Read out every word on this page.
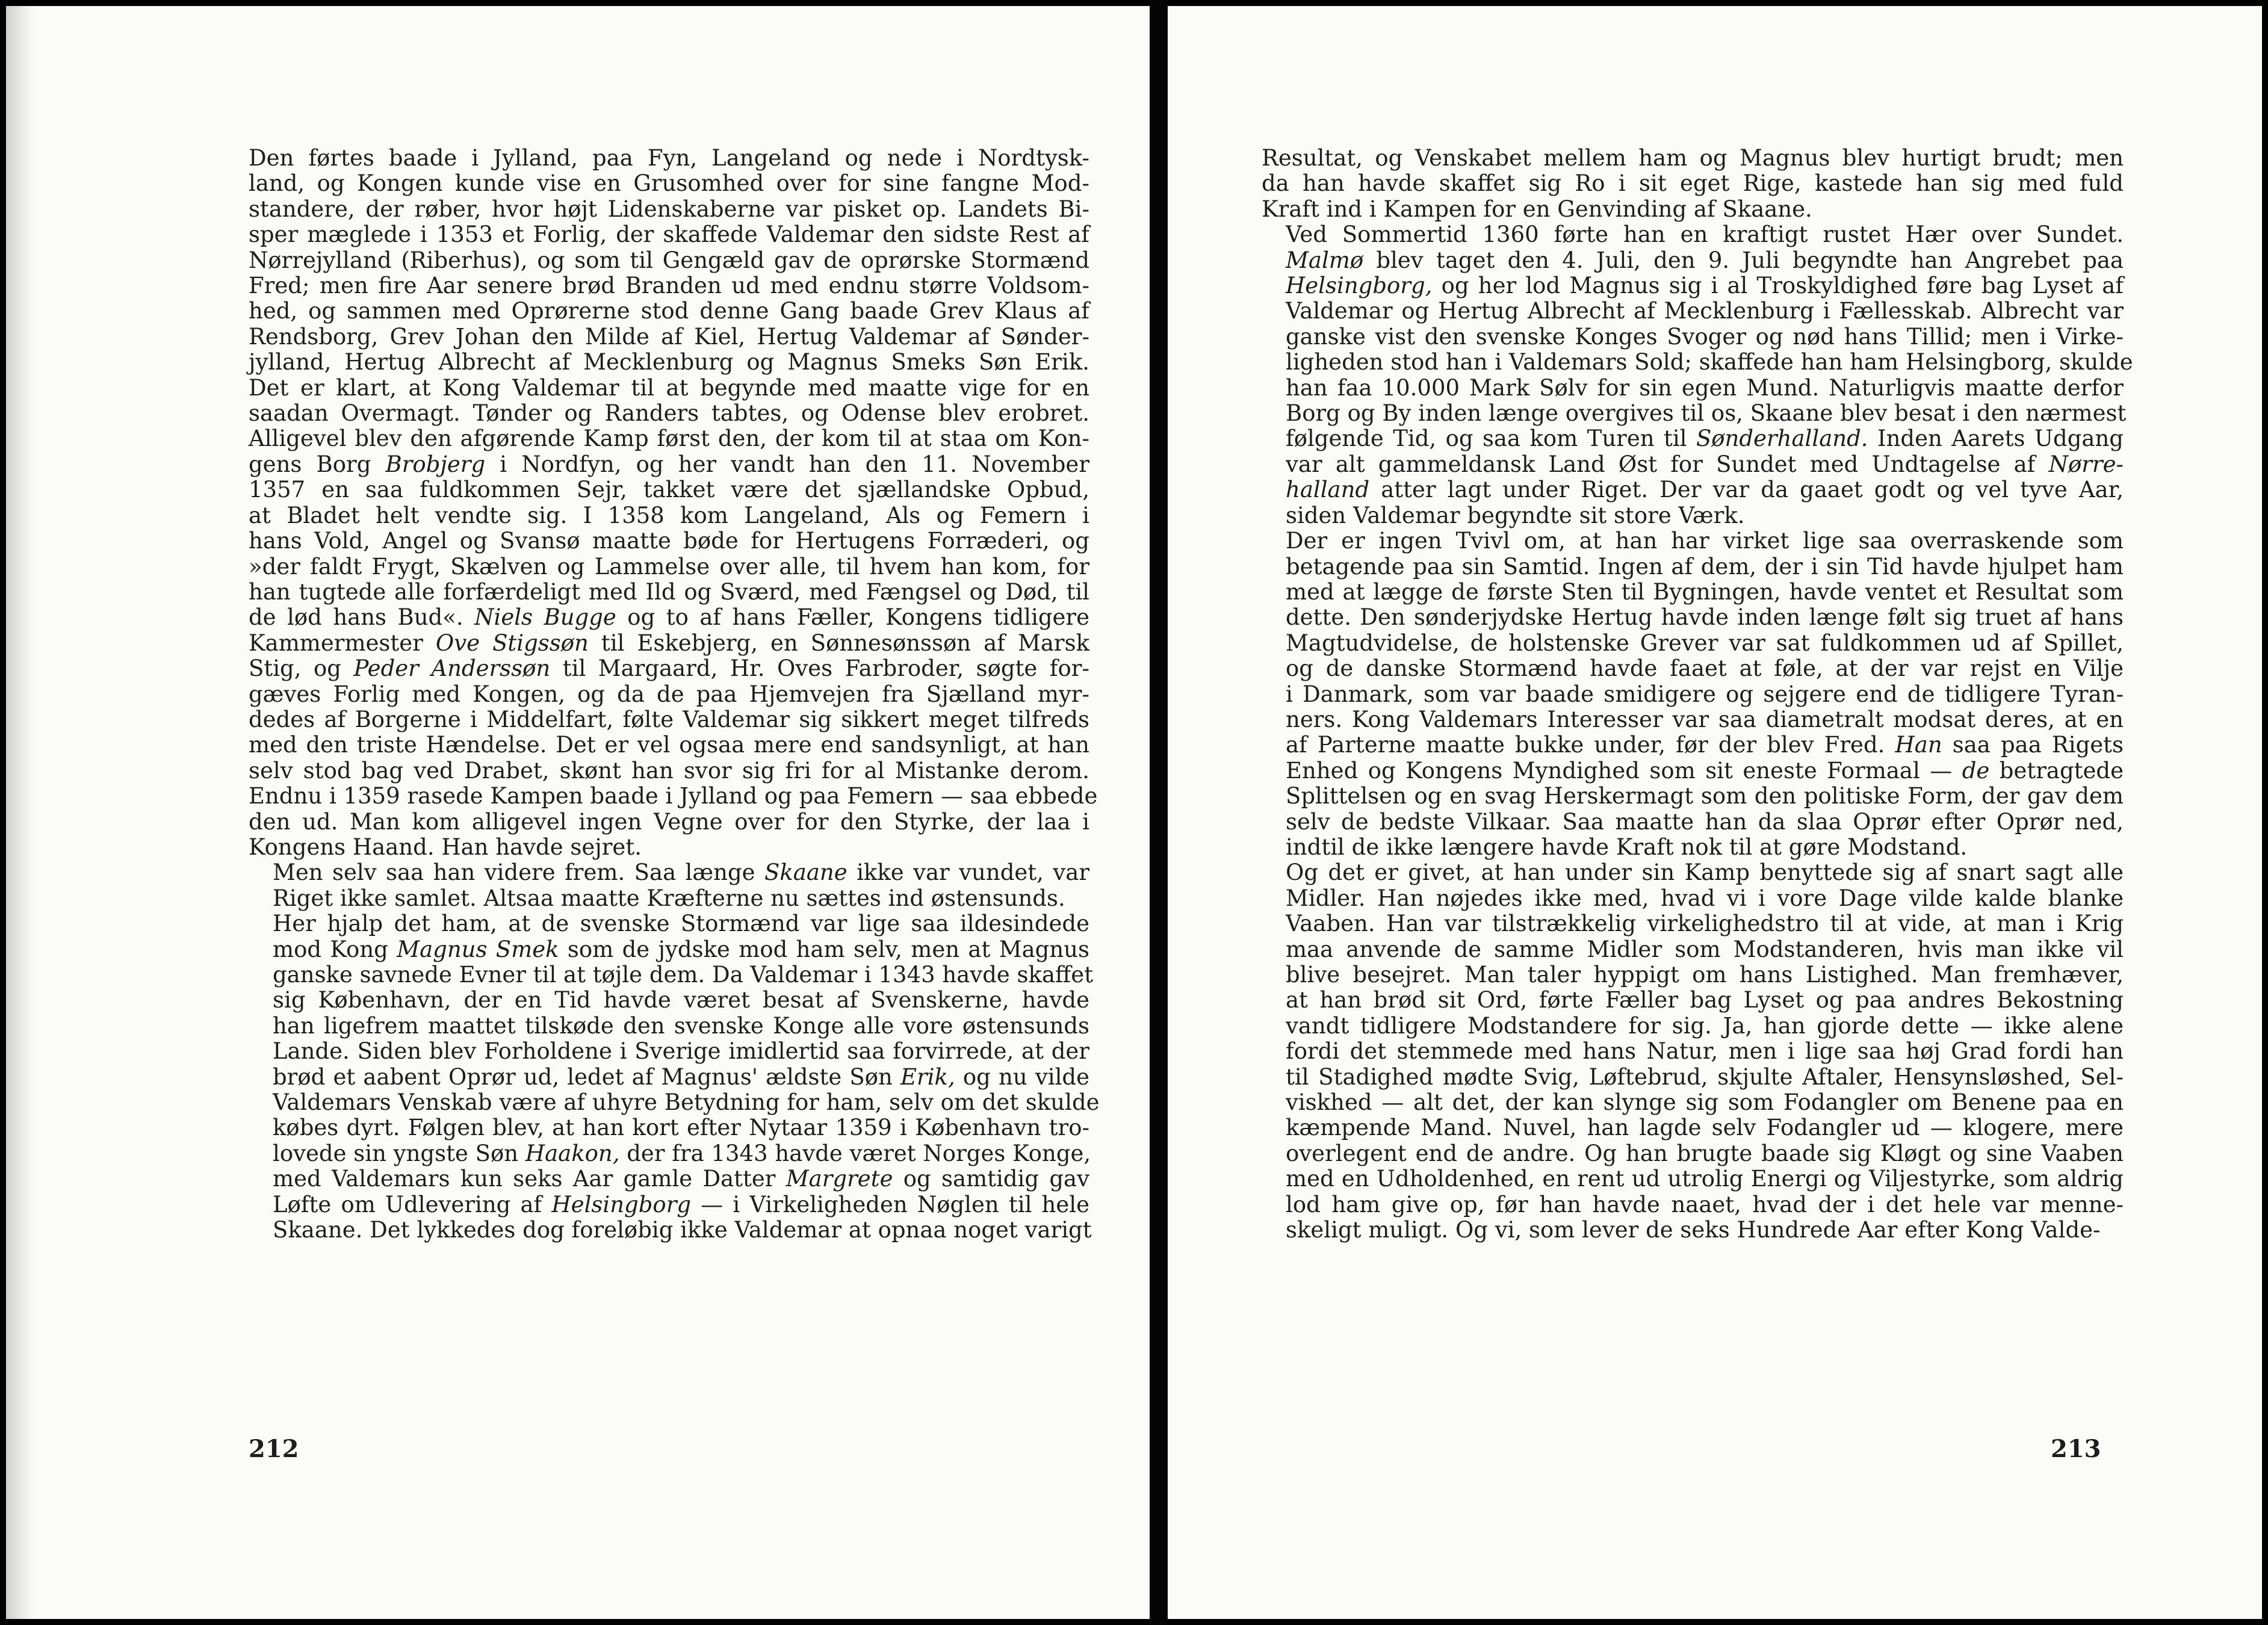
Den førtes baade i Jylland, paa Fyn, Langeland og nede i Nordtysk-
land, og Kongen kunde vise en Grusomhed over for sine fangne Mod-
standere, der røber, hvor højt Lidenskaberne var pisket op. Landets Bi-
sper mæglede i 1353 et Forlig, der skaffede Valdemar den sidste Rest af
Nørrejylland (Riberhus), og som til Gengæld gav de oprørske Stormænd
Fred; men fire Aar senere brød Branden ud med endnu større Voldsom-
hed, og sammen med Oprørerne stod denne Gang baade Grev Klaus af
Rendsborg, Grev Johan den Milde af Kiel, Hertug Valdemar af Sønder-
jylland, Hertug Albrecht af Mecklenburg og Magnus Smeks Søn Erik.
Det er klart, at Kong Valdemar til at begynde med maatte vige for en
saadan Overmagt. Tønder og Randers tabtes, og Odense blev erobret.
Alligevel blev den afgørende Kamp først den, der kom til at staa om Kon-
gens Borg Brobjerg i Nordfyn, og her vandt han den 11. November
1357 en saa fuldkommen Sejr, takket være det sjællandske Opbud,
at Bladet helt vendte sig. I 1358 kom Langeland, Als og Femern i
hans Vold, Angel og Svansø maatte bøde for Hertugens Forræderi, og
»der faldt Frygt, Skælven og Lammelse over alle, til hvem han kom, for
han tugtede alle forfærdeligt med Ild og Sværd, med Fængsel og Død, til
de lød hans Bud«. Niels Bugge og to af hans Fæller, Kongens tidligere
Kammermester Ove Stigssøn til Eskebjerg, en Sønnesønssøn af Marsk
Stig, og Peder Anderssøn til Margaard, Hr. Oves Farbroder, søgte for-
gæves Forlig med Kongen, og da de paa Hjemvejen fra Sjælland myr-
dedes af Borgerne i Middelfart, følte Valdemar sig sikkert meget tilfreds
med den triste Hændelse. Det er vel ogsaa mere end sandsynligt, at han
selv stod bag ved Drabet, skønt han svor sig fri for al Mistanke derom.
Endnu i 1359 rasede Kampen baade i Jylland og paa Femern — saa ebbede
den ud. Man kom alligevel ingen Vegne over for den Styrke, der laa i
Kongens Haand. Han havde sejret.

Men selv saa han videre frem. Saa længe Skaane ikke var vundet, var
Riget ikke samlet. Altsaa maatte Kræfterne nu sættes ind østensunds.

Her hjalp det ham, at de svenske Stormænd var lige saa ildesindede
mod Kong Magnus Smek som de jydske mod ham selv, men at Magnus
ganske savnede Evner til at tøjle dem. Da Valdemar i 1343 havde skaffet
sig København, der en Tid havde været besat af Svenskerne, havde
han ligefrem maattet tilskøde den svenske Konge alle vore østensunds
Lande. Siden blev Forholdene i Sverige imidlertid saa forvirrede, at der
brød et aabent Oprør ud, ledet af Magnus' ældste Søn Erik, og nu vilde
Valdemars Venskab være af uhyre Betydning for ham, selv om det skulde
købes dyrt. Følgen blev, at han kort efter Nytaar 1359 i København tro-
lovede sin yngste Søn Haakon, der fra 1343 havde været Norges Konge,
med Valdemars kun seks Aar gamle Datter Margrete og samtidig gav
Løfte om Udlevering af Helsingborg — i Virkeligheden Nøglen til hele
Skaane. Det lykkedes dog foreløbig ikke Valdemar at opnaa noget varigt

212

Resultat, og Venskabet mellem ham og Magnus blev hurtigt brudt; men
da han havde skaffet sig Ro i sit eget Rige, kastede han sig med fuld
Kraft ind i Kampen for en Genvinding af Skaane.

Ved Sommertid 1360 førte han en kraftigt rustet Hær over Sundet.
Malmø blev taget den 4. Juli, den 9. Juli begyndte han Angrebet paa
Helsingborg, og her lod Magnus sig i al Troskyldighed føre bag Lyset af
Valdemar og Hertug Albrecht af Mecklenburg i Fællesskab. Albrecht var
ganske vist den svenske Konges Svoger og nød hans Tillid; men i Virke-
ligheden stod han i Valdemars Sold; skaffede han ham Helsingborg, skulde
han faa 10.000 Mark Sølv for sin egen Mund. Naturligvis maatte derfor
Borg og By inden længe overgives til os, Skaane blev besat i den nærmest
følgende Tid, og saa kom Turen til Sønderhalland. Inden Aarets Udgang
var alt gammeldansk Land Øst for Sundet med Undtagelse af Nørre-
halland atter lagt under Riget. Der var da gaaet godt og vel tyve Aar,
siden Valdemar begyndte sit store Værk.

Der er ingen Tvivl om, at han har virket lige saa overraskende som
betagende paa sin Samtid. Ingen af dem, der i sin Tid havde hjulpet ham
med at lægge de første Sten til Bygningen, havde ventet et Resultat som
dette. Den sønderjydske Hertug havde inden længe følt sig truet af hans
Magtudvidelse, de holstenske Grever var sat fuldkommen ud af Spillet,
og de danske Stormænd havde faaet at føle, at der var rejst en Vilje
i Danmark, som var baade smidigere og sejgere end de tidligere Tyran-
ners. Kong Valdemars Interesser var saa diametralt modsat deres, at en
af Parterne maatte bukke under, før der blev Fred. Han saa paa Rigets
Enhed og Kongens Myndighed som sit eneste Formaal — de betragtede
Splittelsen og en svag Herskermagt som den politiske Form, der gav dem
selv de bedste Vilkaar. Saa maatte han da slaa Oprør efter Oprør ned,
indtil de ikke længere havde Kraft nok til at gøre Modstand.

Og det er givet, at han under sin Kamp benyttede sig af snart sagt alle
Midler. Han nøjedes ikke med, hvad vi i vore Dage vilde kalde blanke
Vaaben. Han var tilstrækkelig virkelighedstro til at vide, at man i Krig
maa anvende de samme Midler som Modstanderen, hvis man ikke vil
blive besejret. Man taler hyppigt om hans Listighed. Man fremhæver,
at han brød sit Ord, førte Fæller bag Lyset og paa andres Bekostning
vandt tidligere Modstandere for sig. Ja, han gjorde dette — ikke alene
fordi det stemmede med hans Natur, men i lige saa høj Grad fordi han
til Stadighed mødte Svig, Løftebrud, skjulte Aftaler, Hensynsløshed, Sel-
viskhed — alt det, der kan slynge sig som Fodangler om Benene paa en
kæmpende Mand. Nuvel, han lagde selv Fodangler ud — klogere, mere
overlegent end de andre. Og han brugte baade sig Kløgt og sine Vaaben
med en Udholdenhed, en rent ud utrolig Energi og Viljestyrke, som aldrig
lod ham give op, før han havde naaet, hvad der i det hele var menne-
skeligt muligt. Og vi, som lever de seks Hundrede Aar efter Kong Valde-

213
